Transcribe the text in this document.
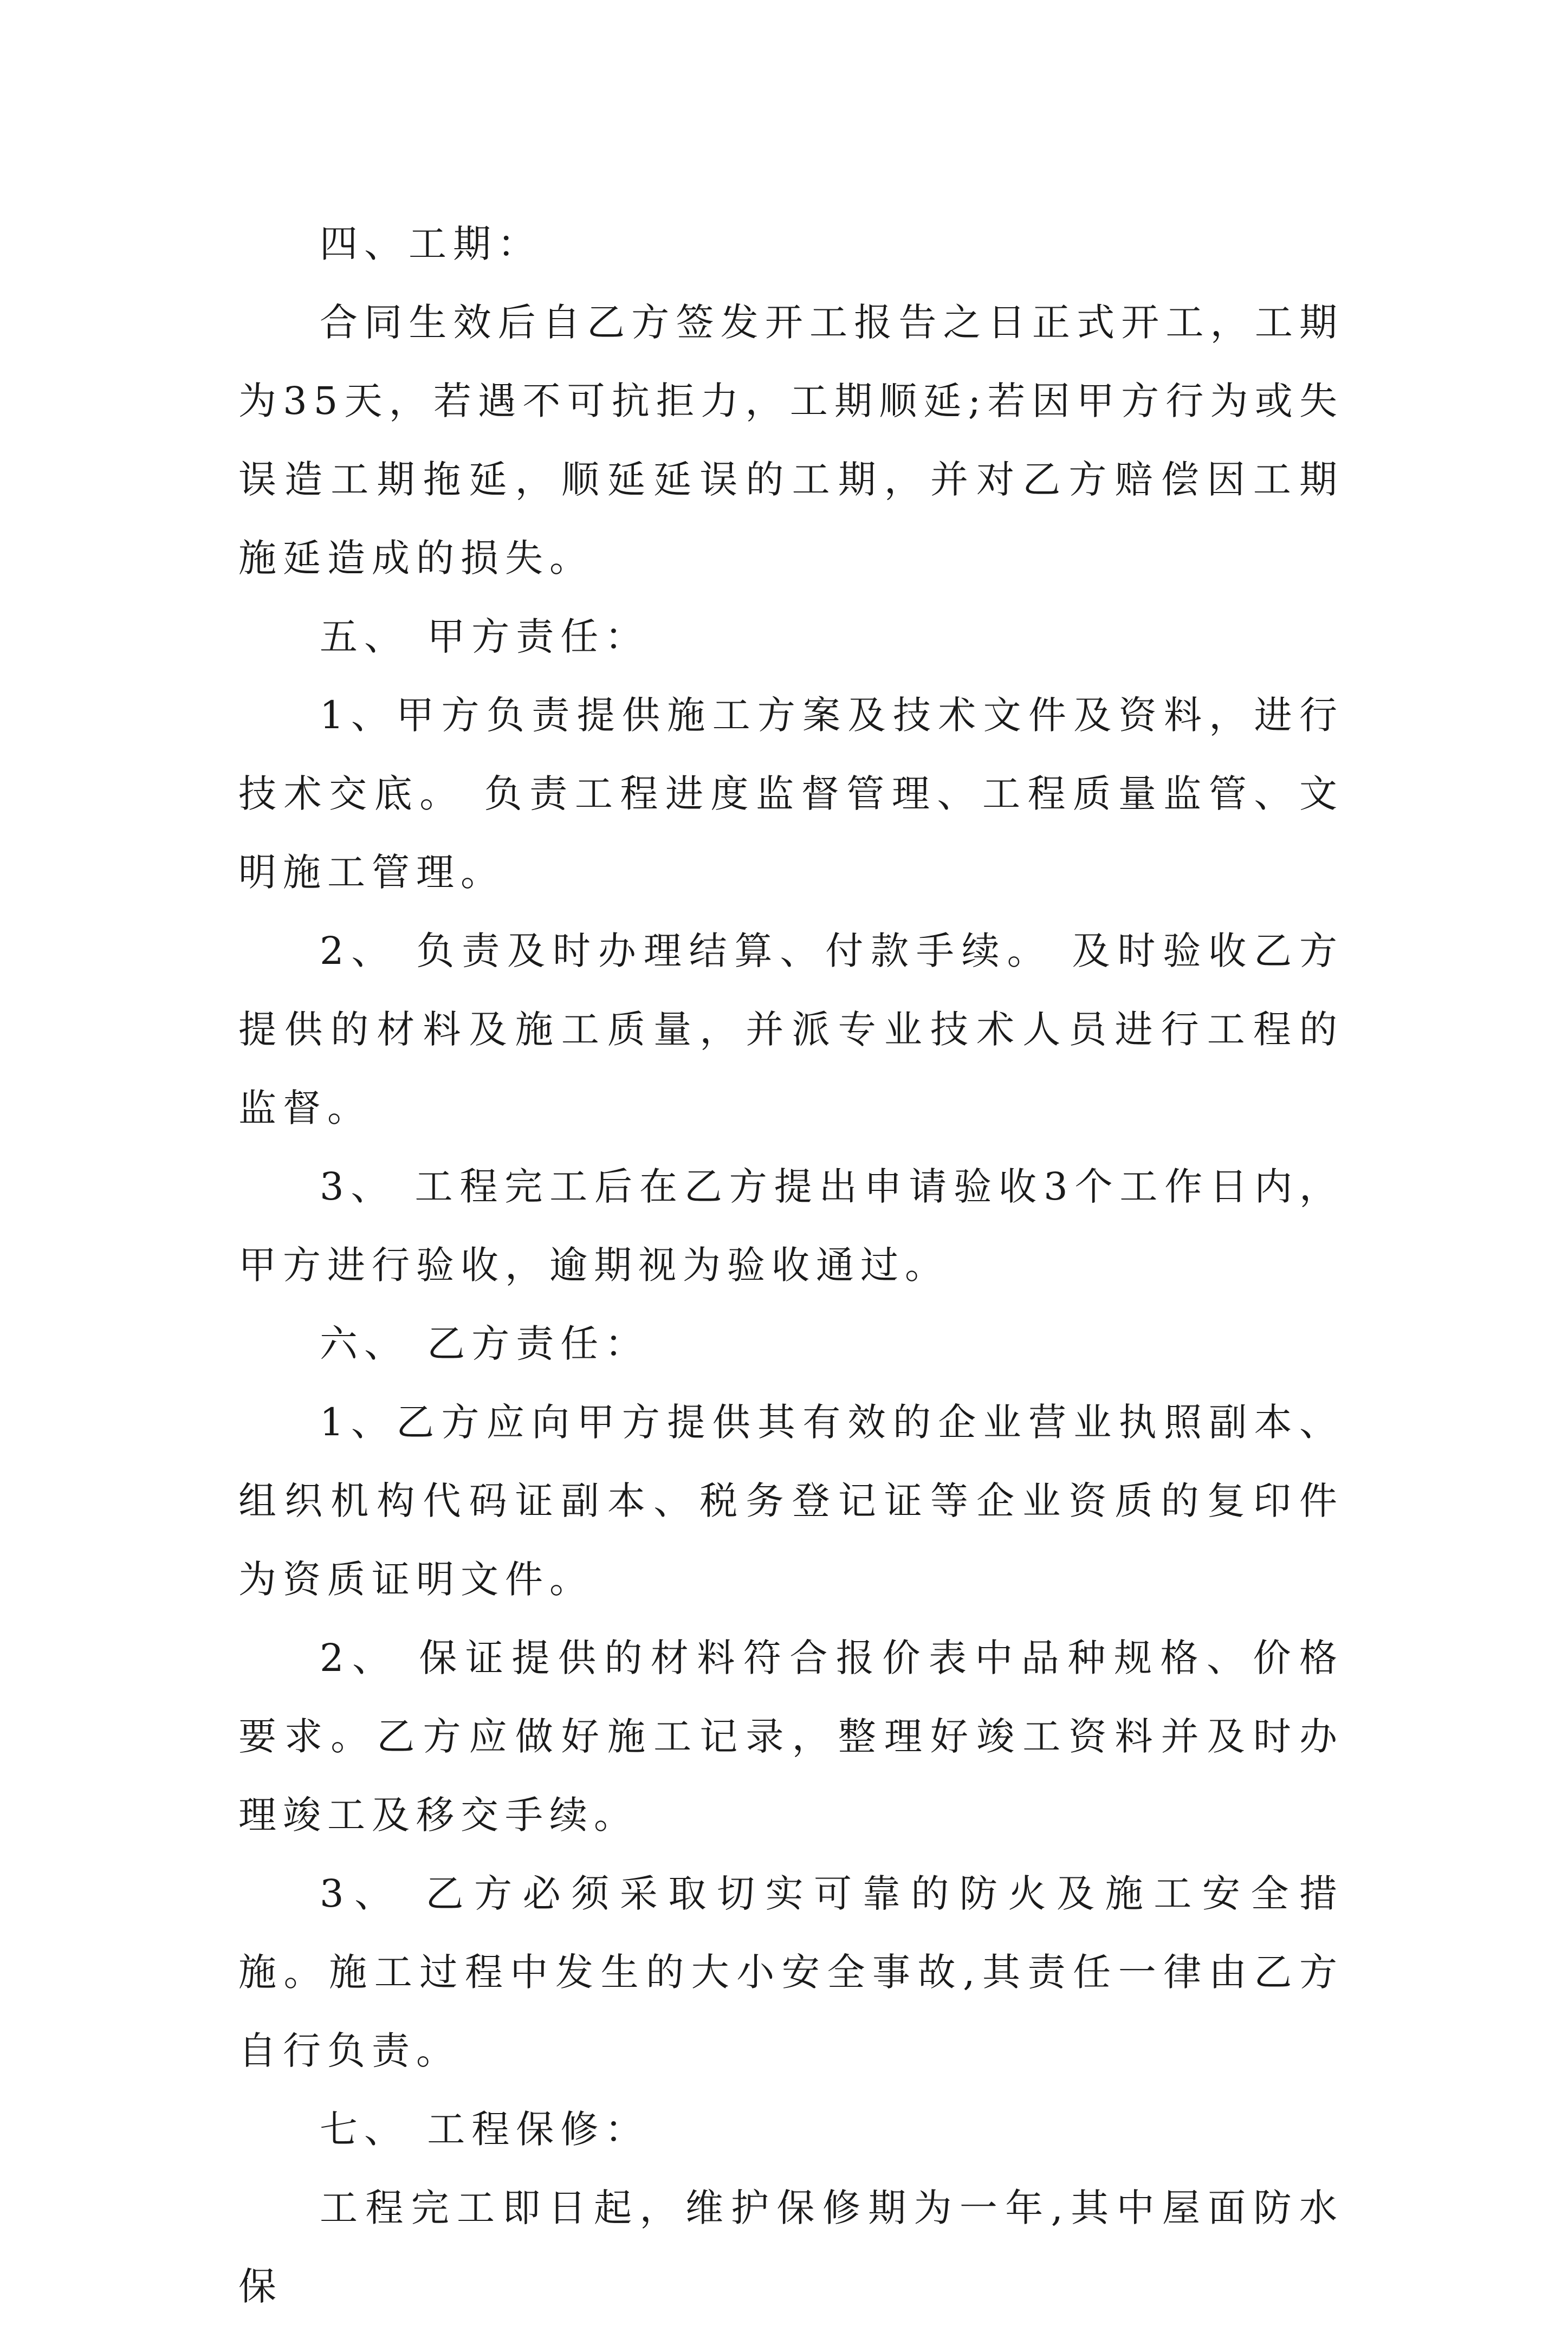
四、工期：

合同生效后自乙方签发开工报告之日正式开工，工期为35天，若遇不可抗拒力，工期顺延;若因甲方行为或失误造工期拖延，顺延延误的工期，并对乙方赔偿因工期施延造成的损失。

五、 甲方责任：

1、甲方负责提供施工方案及技术文件及资料，进行技术交底。 负责工程进度监督管理、工程质量监管、文明施工管理。

2、 负责及时办理结算、付款手续。 及时验收乙方提供的材料及施工质量，并派专业技术人员进行工程的监督。

3、 工程完工后在乙方提出申请验收3个工作日内，甲方进行验收，逾期视为验收通过。

六、 乙方责任：

1、乙方应向甲方提供其有效的企业营业执照副本、组织机构代码证副本、税务登记证等企业资质的复印件为资质证明文件。

2、 保证提供的材料符合报价表中品种规格、价格要求。乙方应做好施工记录，整理好竣工资料并及时办理竣工及移交手续。

3、 乙方必须采取切实可靠的防火及施工安全措施。施工过程中发生的大小安全事故,其责任一律由乙方自行负责。

七、 工程保修：

工程完工即日起，维护保修期为一年,其中屋面防水保
